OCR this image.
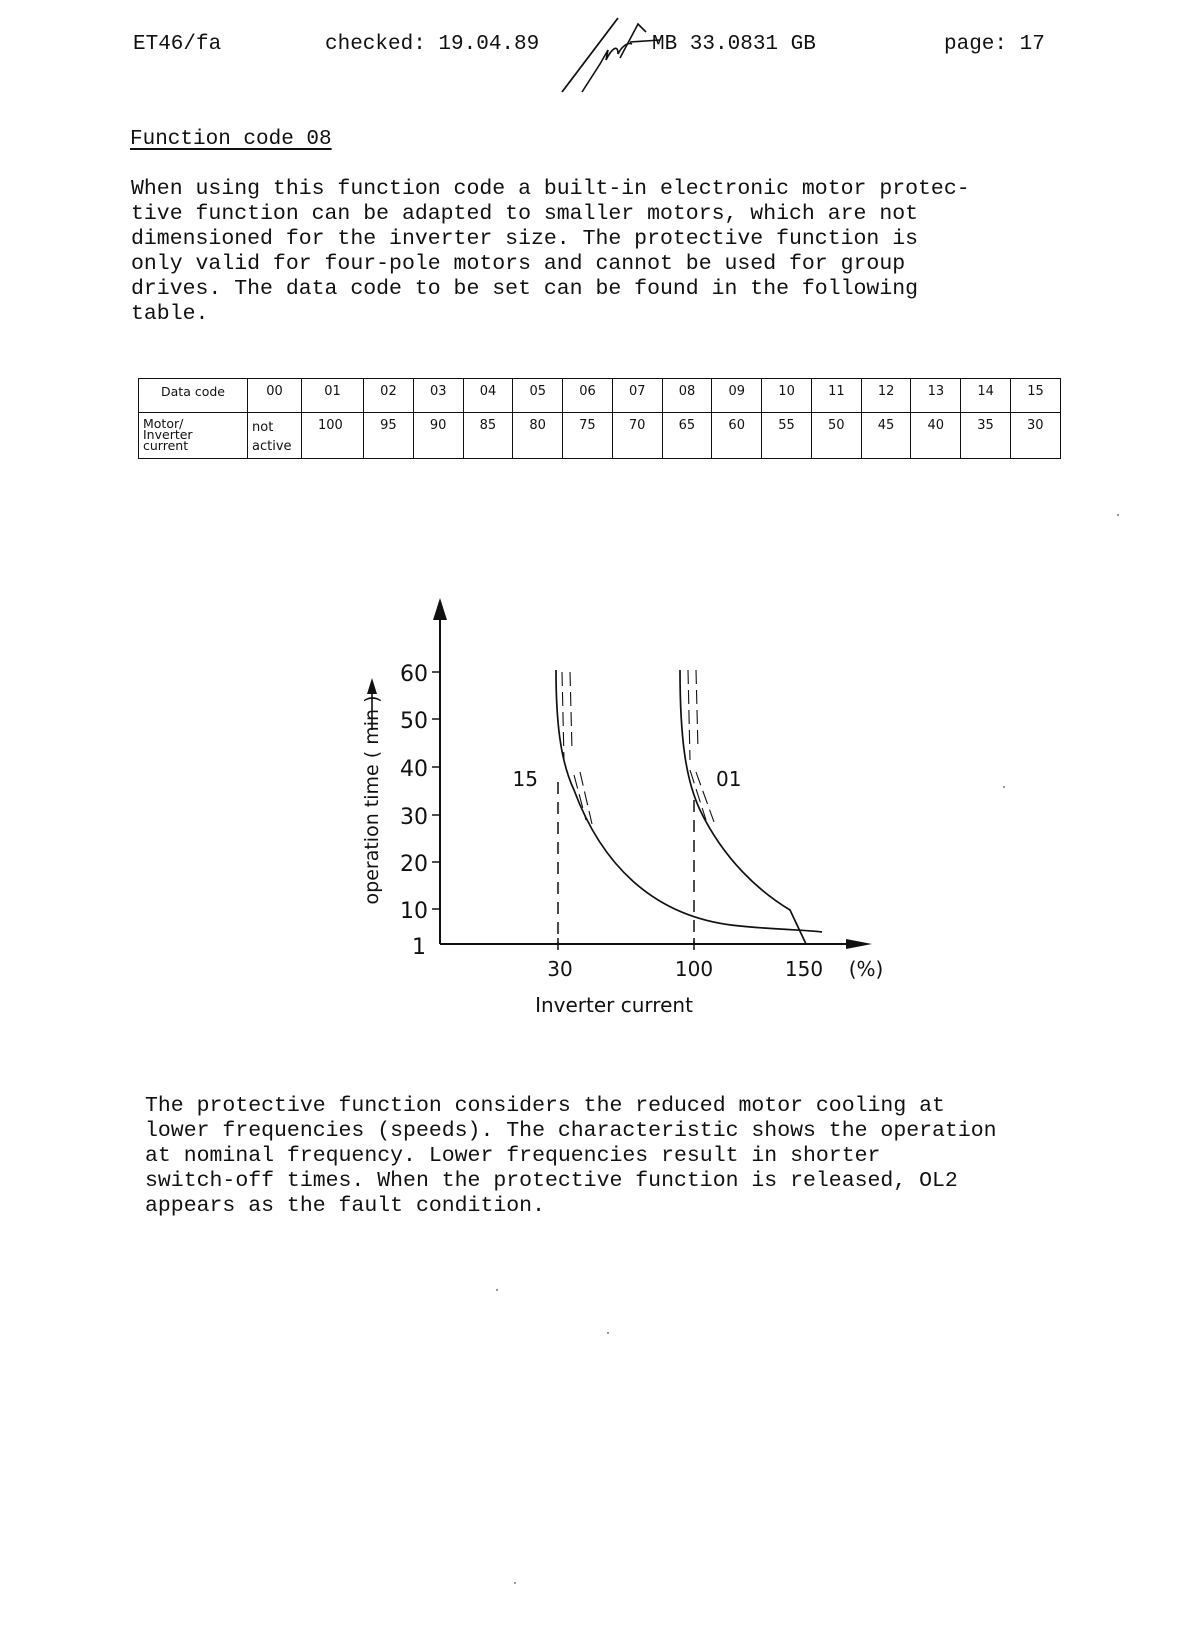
ET46/fa	checked: 19.04.89	MB 33.0831 GB	page: 17
Function code 08

When using this function code a built-in electronic motor protec-
tive function can be adapted to smaller motors, which are not
dimensioned for the inverter size. The protective function is
only valid for four-pole motors and cannot be used for group
drives. The data code to be set can be found in the following
table.

Data code	00	01	02	03	04	05	06	07	08	09	10	11	12	13	14	15

Motor/
Inverter
current	not
active	100	95	90	85	80	75	70	65	60	55	50	45	40	35	30
60
50
40
30
20
10
1
30	100	150 (%)
Inverter current
operation time ( min )	15	01

The protective function considers the reduced motor cooling at
lower frequencies (speeds). The characteristic shows the operation
at nominal frequency. Lower frequencies result in shorter
switch-off times. When the protective function is released, OL2
appears as the fault condition.
